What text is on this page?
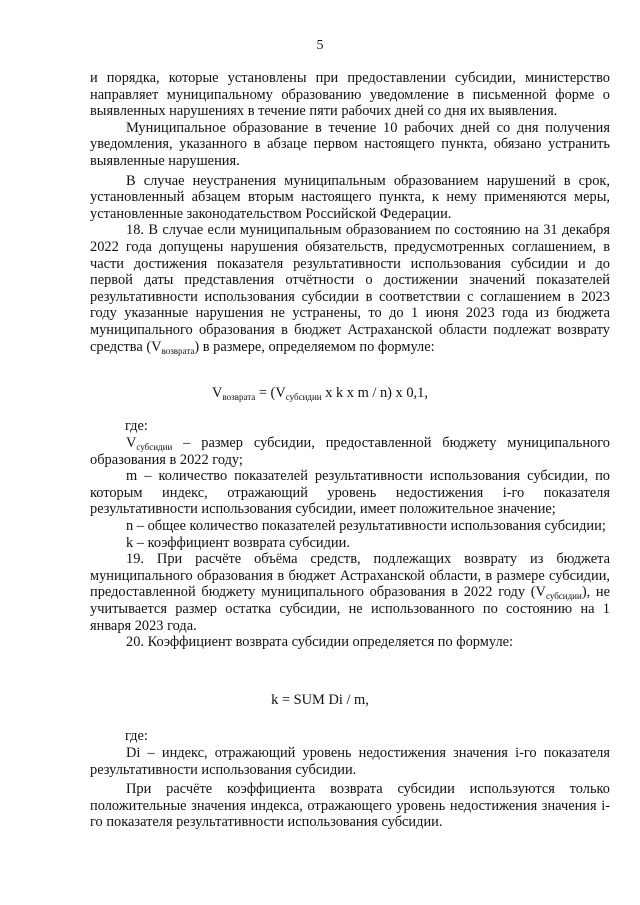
5

и порядка, которые установлены при предоставлении субсидии, министерство направляет муниципальному образованию уведомление в письменной форме о выявленных нарушениях в течение пяти рабочих дней со дня их выявления.

Муниципальное образование в течение 10 рабочих дней со дня получения уведомления, указанного в абзаце первом настоящего пункта, обязано устранить выявленные нарушения.

В случае неустранения муниципальным образованием нарушений в срок, установленный абзацем вторым настоящего пункта, к нему применяются меры, установленные законодательством Российской Федерации.

18. В случае если муниципальным образованием по состоянию на 31 декабря 2022 года допущены нарушения обязательств, предусмотренных соглашением, в части достижения показателя результативности использования субсидии и до первой даты представления отчётности о достижении значений показателей результативности использования субсидии в соответствии с соглашением в 2023 году указанные нарушения не устранены, то до 1 июня 2023 года из бюджета муниципального образования в бюджет Астраханской области подлежат возврату средства $(V_{возврата})$ в размере, определяемом по формуле:

$V_{возврата} = (V_{субсидии}$ x k x m / n) x 0,1,
где:

$V_{субсидии}$ – размер субсидии, предоставленной бюджету муниципального образования в 2022 году;

m – количество показателей результативности использования субсидии, по которым индекс, отражающий уровень недостижения i-го показателя результативности использования субсидии, имеет положительное значение;

n – общее количество показателей результативности использования субсидии;

k – коэффициент возврата субсидии.

19. При расчёте объёма средств, подлежащих возврату из бюджета муниципального образования в бюджет Астраханской области, в размере субсидии, предоставленной бюджету муниципального образования в 2022 году $(V_{субсидии})$, не учитывается размер остатка субсидии, не использованного по состоянию на 1 января 2023 года.

20. Коэффициент возврата субсидии определяется по формуле:

k = SUM Di / m,
где:

Di – индекс, отражающий уровень недостижения значения i-го показателя результативности использования субсидии.

При расчёте коэффициента возврата субсидии используются только положительные значения индекса, отражающего уровень недостижения значения i-го показателя результативности использования субсидии.
